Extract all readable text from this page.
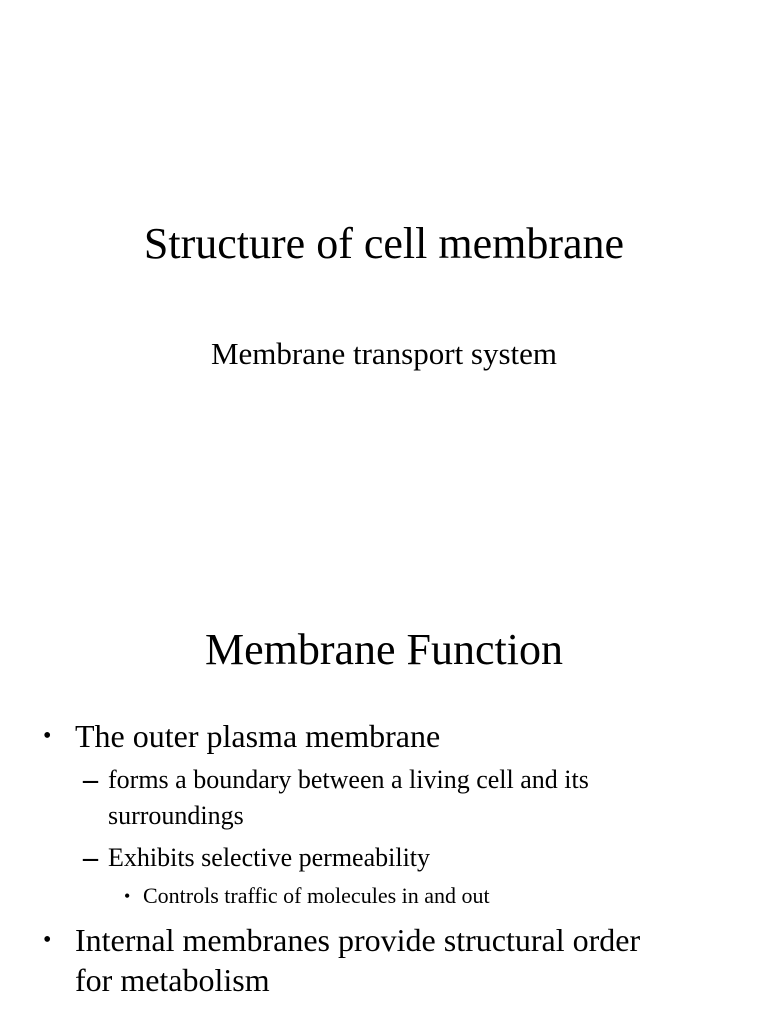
Structure of cell membrane
Membrane transport system
Membrane Function
• The outer plasma membrane
– forms a boundary between a living cell and its
surroundings
– Exhibits selective permeability
• Controls traffic of molecules in and out
• Internal membranes provide structural order
for metabolism
